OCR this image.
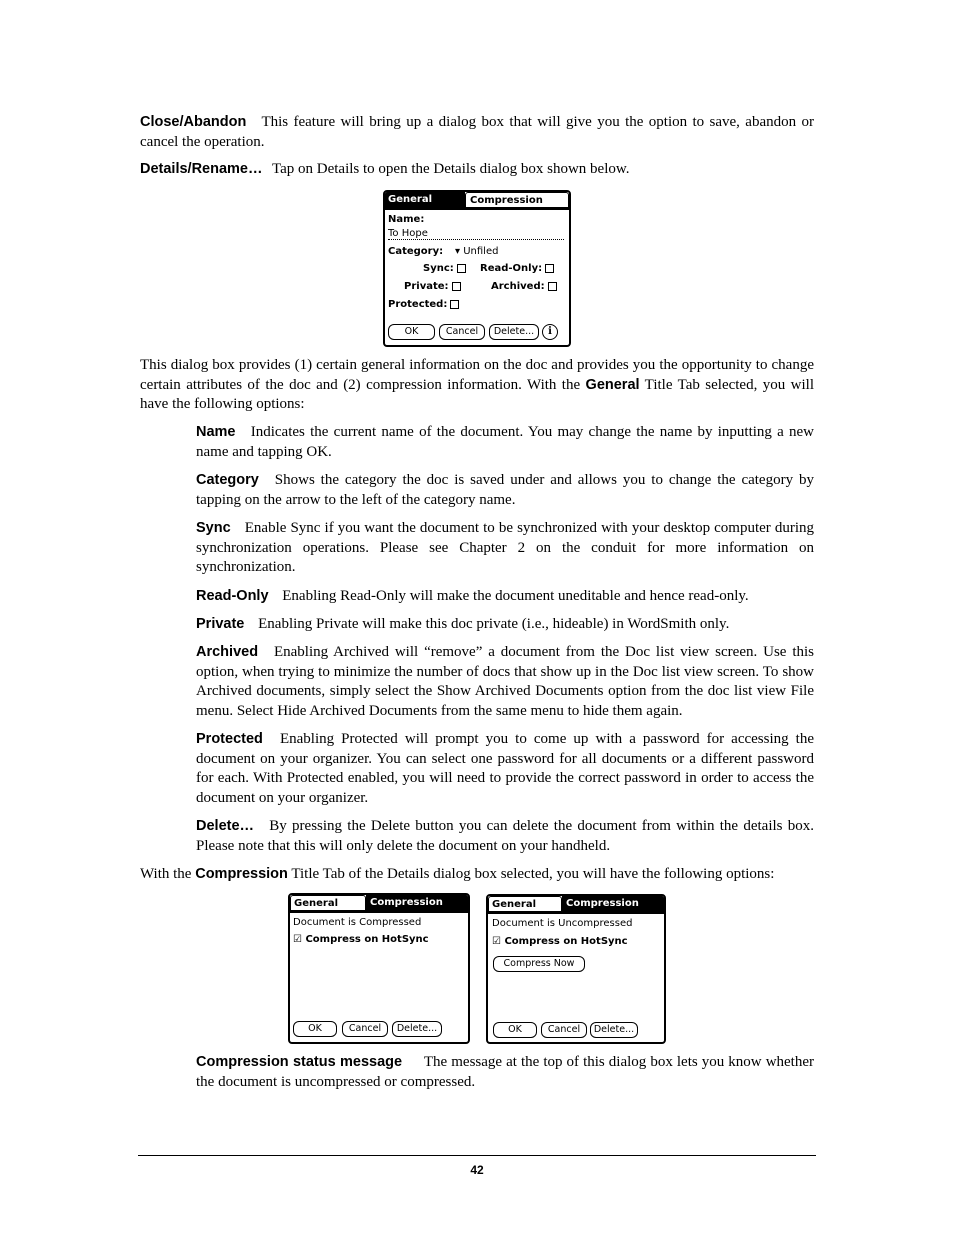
Close/Abandon This feature will bring up a dialog box that will give you the option to save, abandon or cancel the operation.

Details/Rename… Tap on Details to open the Details dialog box shown below.

General	Compression
Name:
To Hope
Category: ▾ Unfiled
Sync:	Read-Only:
Private:	Archived:
Protected:
OK	Cancel	Delete...	i

This dialog box provides (1) certain general information on the doc and provides you the opportunity to change certain attributes of the doc and (2) compression information. With the General Title Tab selected, you will have the following options:

Name Indicates the current name of the document. You may change the name by inputting a new name and tapping OK.

Category Shows the category the doc is saved under and allows you to change the category by tapping on the arrow to the left of the category name.

Sync Enable Sync if you want the document to be synchronized with your desktop computer during synchronization operations. Please see Chapter 2 on the conduit for more information on synchronization.

Read-Only Enabling Read-Only will make the document uneditable and hence read-only.

Private Enabling Private will make this doc private (i.e., hideable) in WordSmith only.

Archived Enabling Archived will “remove” a document from the Doc list view screen. Use this option, when trying to minimize the number of docs that show up in the Doc list view screen. To show Archived documents, simply select the Show Archived Documents option from the doc list view File menu. Select Hide Archived Documents from the same menu to hide them again.

Protected Enabling Protected will prompt you to come up with a password for accessing the document on your organizer. You can select one password for all documents or a different password for each. With Protected enabled, you will need to provide the correct password in order to access the document on your organizer.

Delete… By pressing the Delete button you can delete the document from within the details box. Please note that this will only delete the document on your handheld.

With the Compression Title Tab of the Details dialog box selected, you will have the following options:

General	Compression
Document is Compressed
☑ Compress on HotSync
OK	Cancel	Delete...
General	Compression
Document is Uncompressed
☑ Compress on HotSync
Compress Now
OK	Cancel	Delete...

Compression status message The message at the top of this dialog box lets you know whether the document is uncompressed or compressed.

42
